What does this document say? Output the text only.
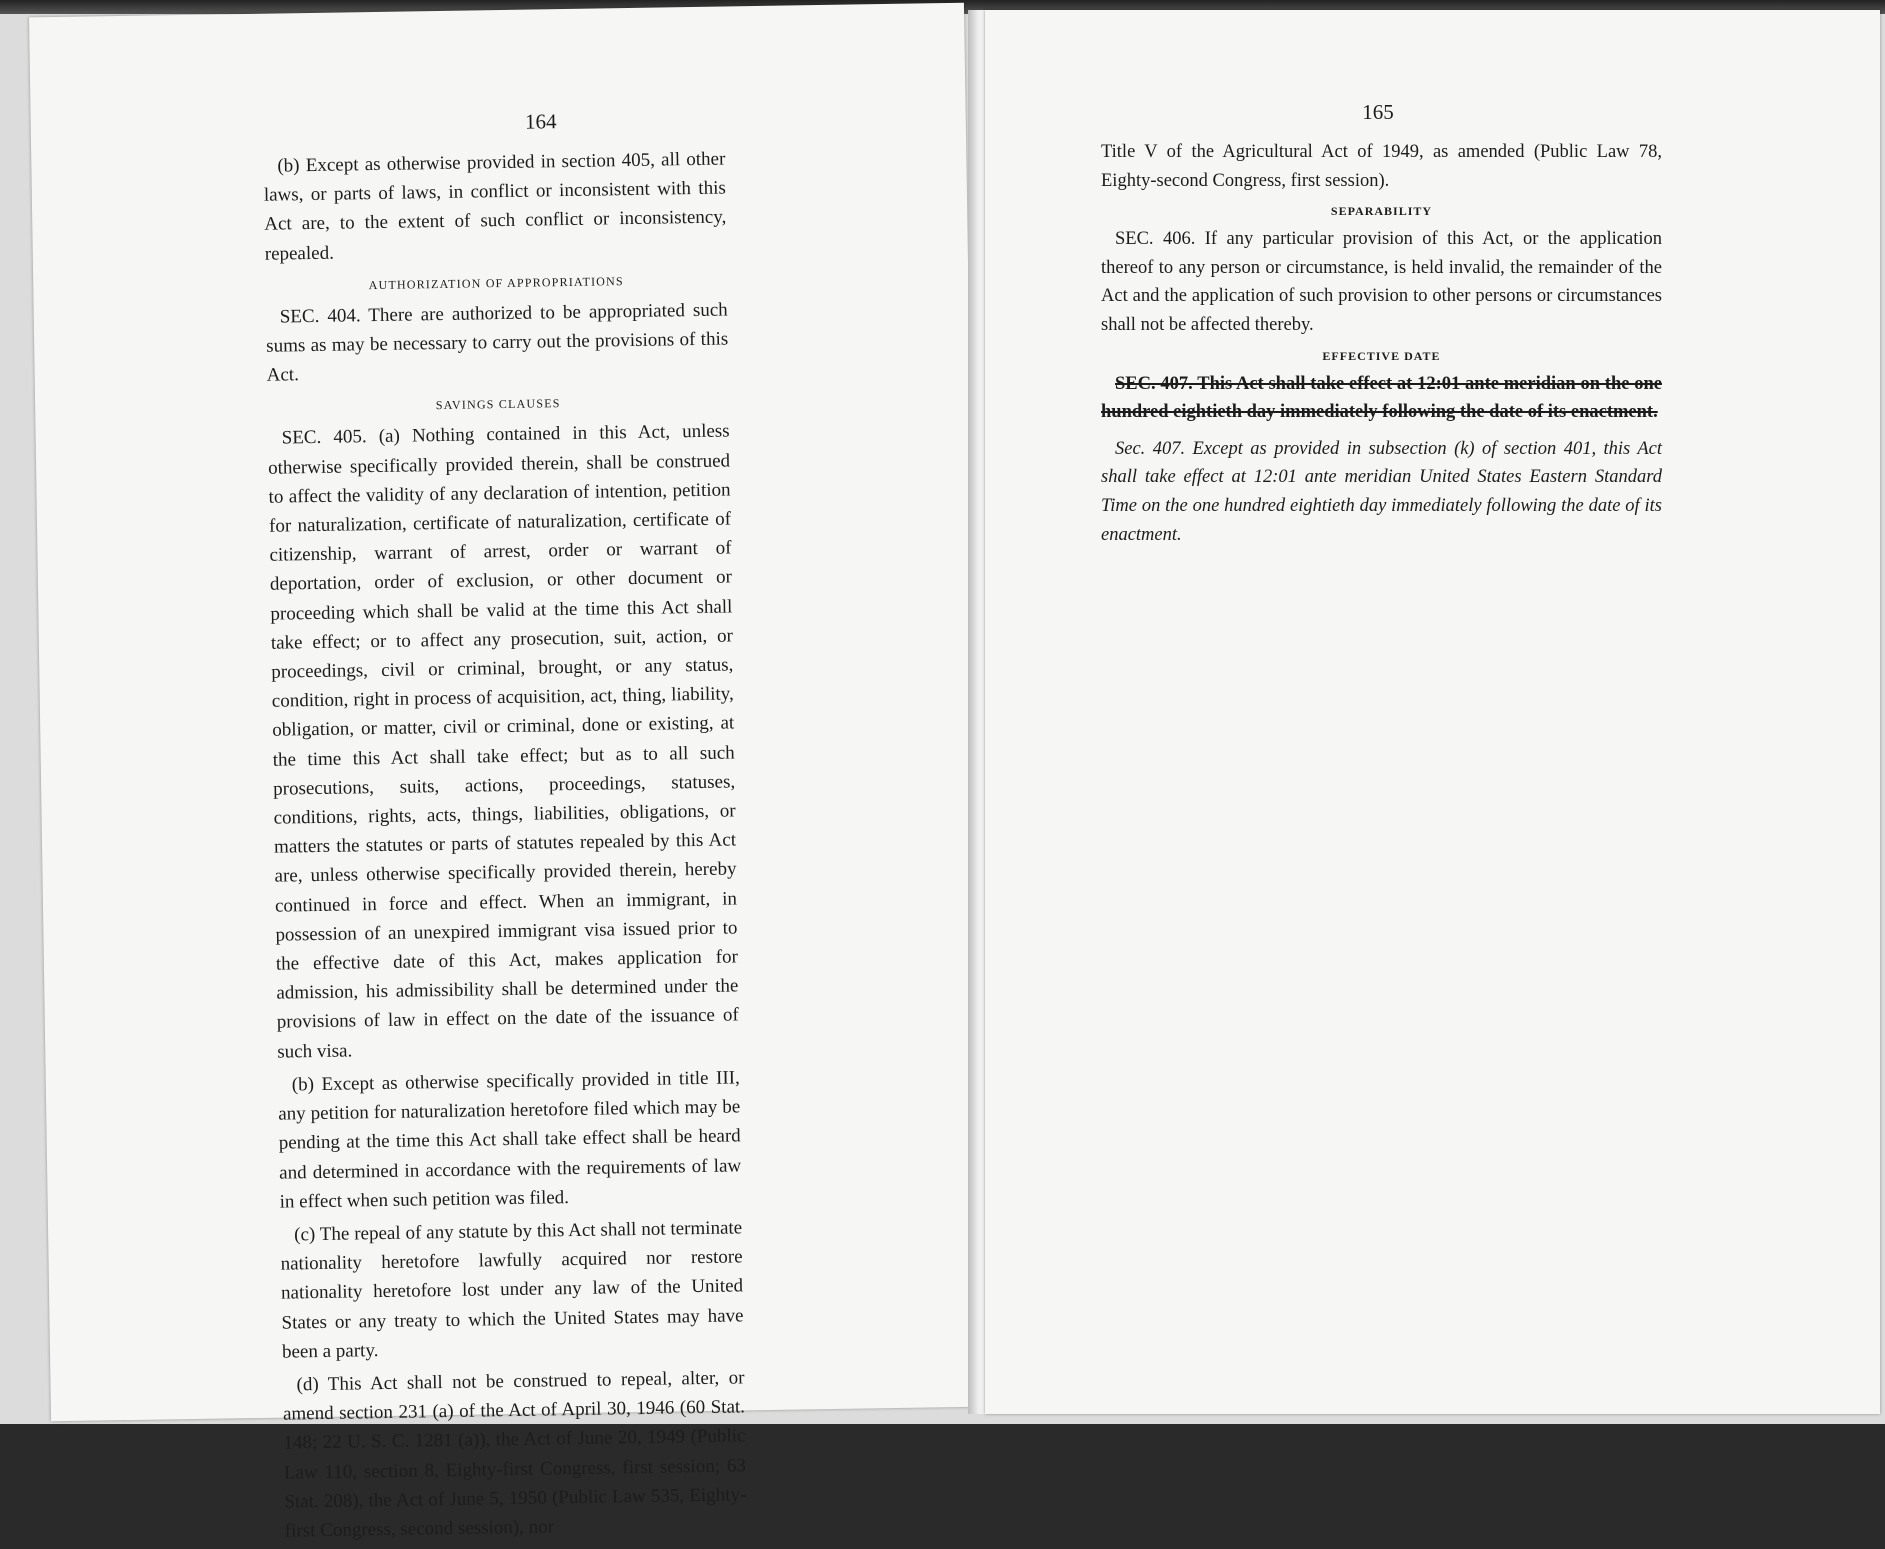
164

(b) Except as otherwise provided in section 405, all other laws, or parts of laws, in conflict or inconsistent with this Act are, to the extent of such conflict or inconsistency, repealed.

AUTHORIZATION OF APPROPRIATIONS

SEC. 404. There are authorized to be appropriated such sums as may be necessary to carry out the provisions of this Act.

SAVINGS CLAUSES

SEC. 405. (a) Nothing contained in this Act, unless otherwise specifically provided therein, shall be construed to affect the validity of any declaration of intention, petition for naturalization, certificate of naturalization, certificate of citizenship, warrant of arrest, order or warrant of deportation, order of exclusion, or other document or proceeding which shall be valid at the time this Act shall take effect; or to affect any prosecution, suit, action, or proceedings, civil or criminal, brought, or any status, condition, right in process of acquisition, act, thing, liability, obligation, or matter, civil or criminal, done or existing, at the time this Act shall take effect; but as to all such prosecutions, suits, actions, proceedings, statuses, conditions, rights, acts, things, liabilities, obligations, or matters the statutes or parts of statutes repealed by this Act are, unless otherwise specifically provided therein, hereby continued in force and effect. When an immigrant, in possession of an unexpired immigrant visa issued prior to the effective date of this Act, makes application for admission, his admissibility shall be determined under the provisions of law in effect on the date of the issuance of such visa.

(b) Except as otherwise specifically provided in title III, any petition for naturalization heretofore filed which may be pending at the time this Act shall take effect shall be heard and determined in accordance with the requirements of law in effect when such petition was filed.

(c) The repeal of any statute by this Act shall not terminate nationality heretofore lawfully acquired nor restore nationality heretofore lost under any law of the United States or any treaty to which the United States may have been a party.

(d) This Act shall not be construed to repeal, alter, or amend section 231 (a) of the Act of April 30, 1946 (60 Stat. 148; 22 U. S. C. 1281 (a)), the Act of June 20, 1949 (Public Law 110, section 8, Eighty-first Congress, first session; 63 Stat. 208), the Act of June 5, 1950 (Public Law 535, Eighty-first Congress, second session), nor

165

Title V of the Agricultural Act of 1949, as amended (Public Law 78, Eighty-second Congress, first session).

SEPARABILITY

SEC. 406. If any particular provision of this Act, or the application thereof to any person or circumstance, is held invalid, the remainder of the Act and the application of such provision to other persons or circumstances shall not be affected thereby.

EFFECTIVE DATE

SEC. 407. This Act shall take effect at 12:01 ante meridian on the one hundred eightieth day immediately following the date of its enactment.

Sec. 407. Except as provided in subsection (k) of section 401, this Act shall take effect at 12:01 ante meridian United States Eastern Standard Time on the one hundred eightieth day immediately following the date of its enactment.
